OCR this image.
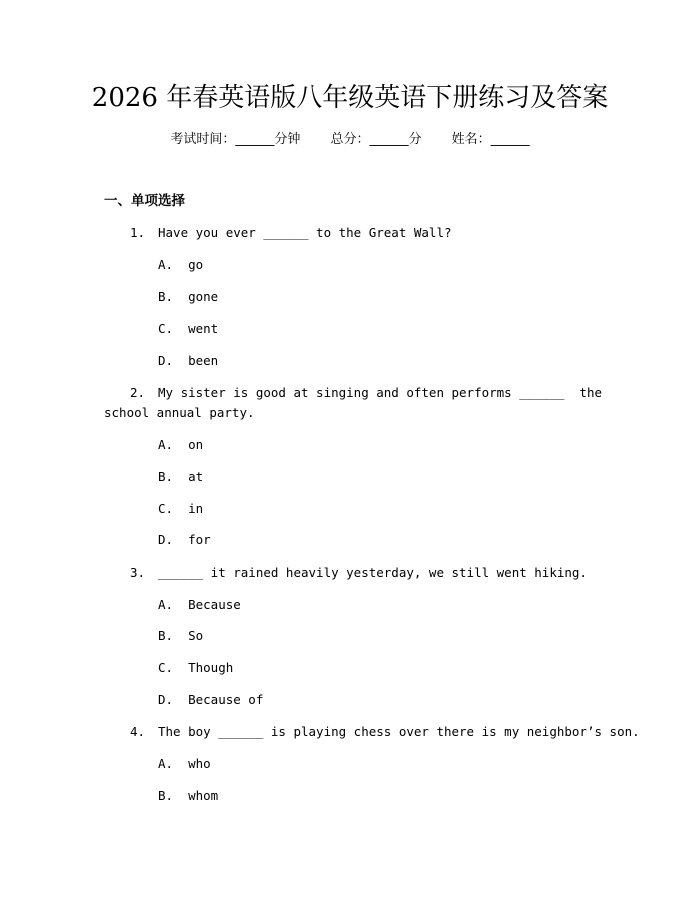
2026 年春英语版八年级英语下册练习及答案
考试时间：______分钟 总分：______分 姓名：______
一、单项选择
1. Have you ever ______ to the Great Wall?
A.  go
B.  gone
C.  went
D.  been
2. My sister is good at singing and often performs ______  the
school annual party.
A.  on
B.  at
C.  in
D.  for
3. ______ it rained heavily yesterday, we still went hiking.
A.  Because
B.  So
C.  Though
D.  Because of
4. The boy ______ is playing chess over there is my neighbor’s son.
A.  who
B.  whom
